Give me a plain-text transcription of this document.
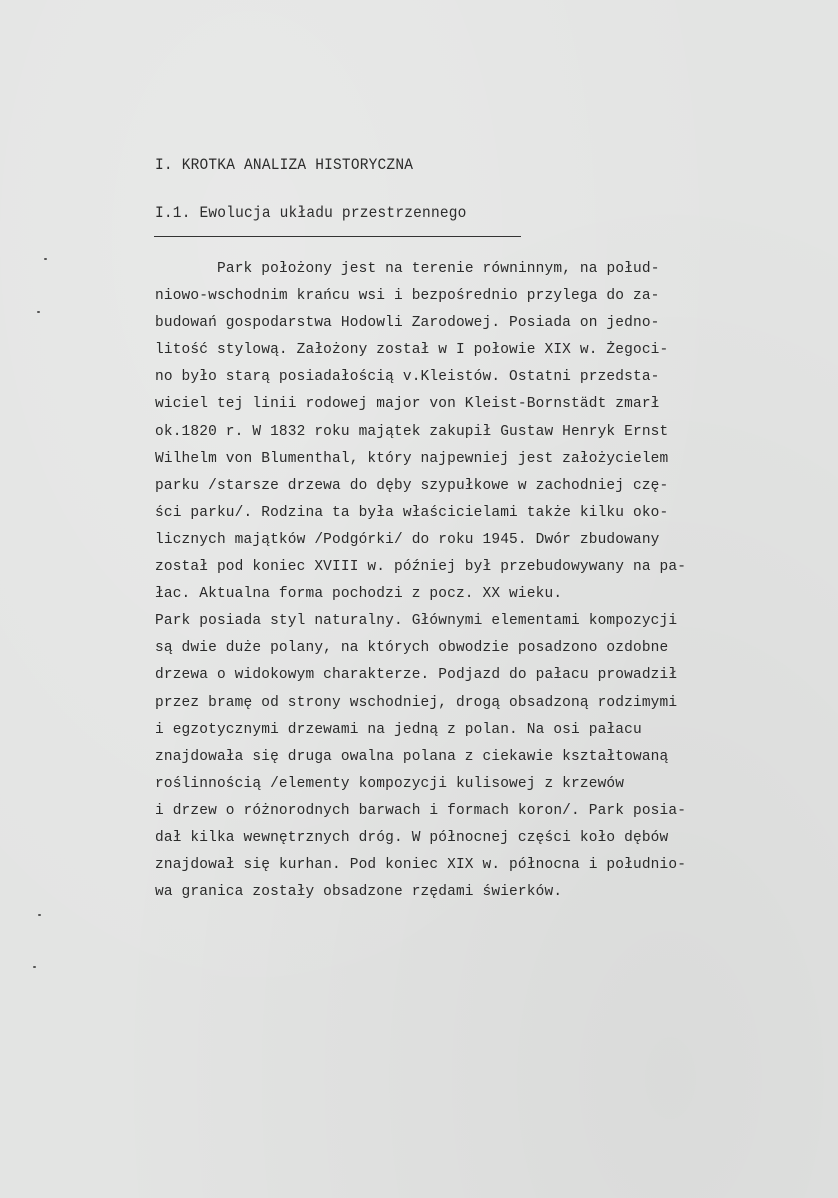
I. KROTKA ANALIZA HISTORYCZNA
I.1. Ewolucja układu przestrzennego
Park położony jest na terenie równinnym, na połud-
niowo-wschodnim krańcu wsi i bezpośrednio przylega do za-
budowań gospodarstwa Hodowli Zarodowej. Posiada on jedno-
litość stylową. Założony został w I połowie XIX w. Żegoci-
no było starą posiadałością v.Kleistów. Ostatni przedsta-
wiciel tej linii rodowej major von Kleist-Bornstädt zmarł
ok.1820 r. W 1832 roku majątek zakupił Gustaw Henryk Ernst
Wilhelm von Blumenthal, który najpewniej jest założycielem
parku /starsze drzewa do dęby szypułkowe w zachodniej czę-
ści parku/. Rodzina ta była właścicielami także kilku oko-
licznych majątków /Podgórki/ do roku 1945. Dwór zbudowany
został pod koniec XVIII w. później był przebudowywany na pa-
łac. Aktualna forma pochodzi z pocz. XX wieku.
Park posiada styl naturalny. Głównymi elementami kompozycji
są dwie duże polany, na których obwodzie posadzono ozdobne
drzewa o widokowym charakterze. Podjazd do pałacu prowadził
przez bramę od strony wschodniej, drogą obsadzoną rodzimymi
i egzotycznymi drzewami na jedną z polan. Na osi pałacu
znajdowała się druga owalna polana z ciekawie kształtowaną
roślinnością /elementy kompozycji kulisowej z krzewów
i drzew o różnorodnych barwach i formach koron/. Park posia-
dał kilka wewnętrznych dróg. W północnej części koło dębów
znajdował się kurhan. Pod koniec XIX w. północna i południo-
wa granica zostały obsadzone rzędami świerków.
